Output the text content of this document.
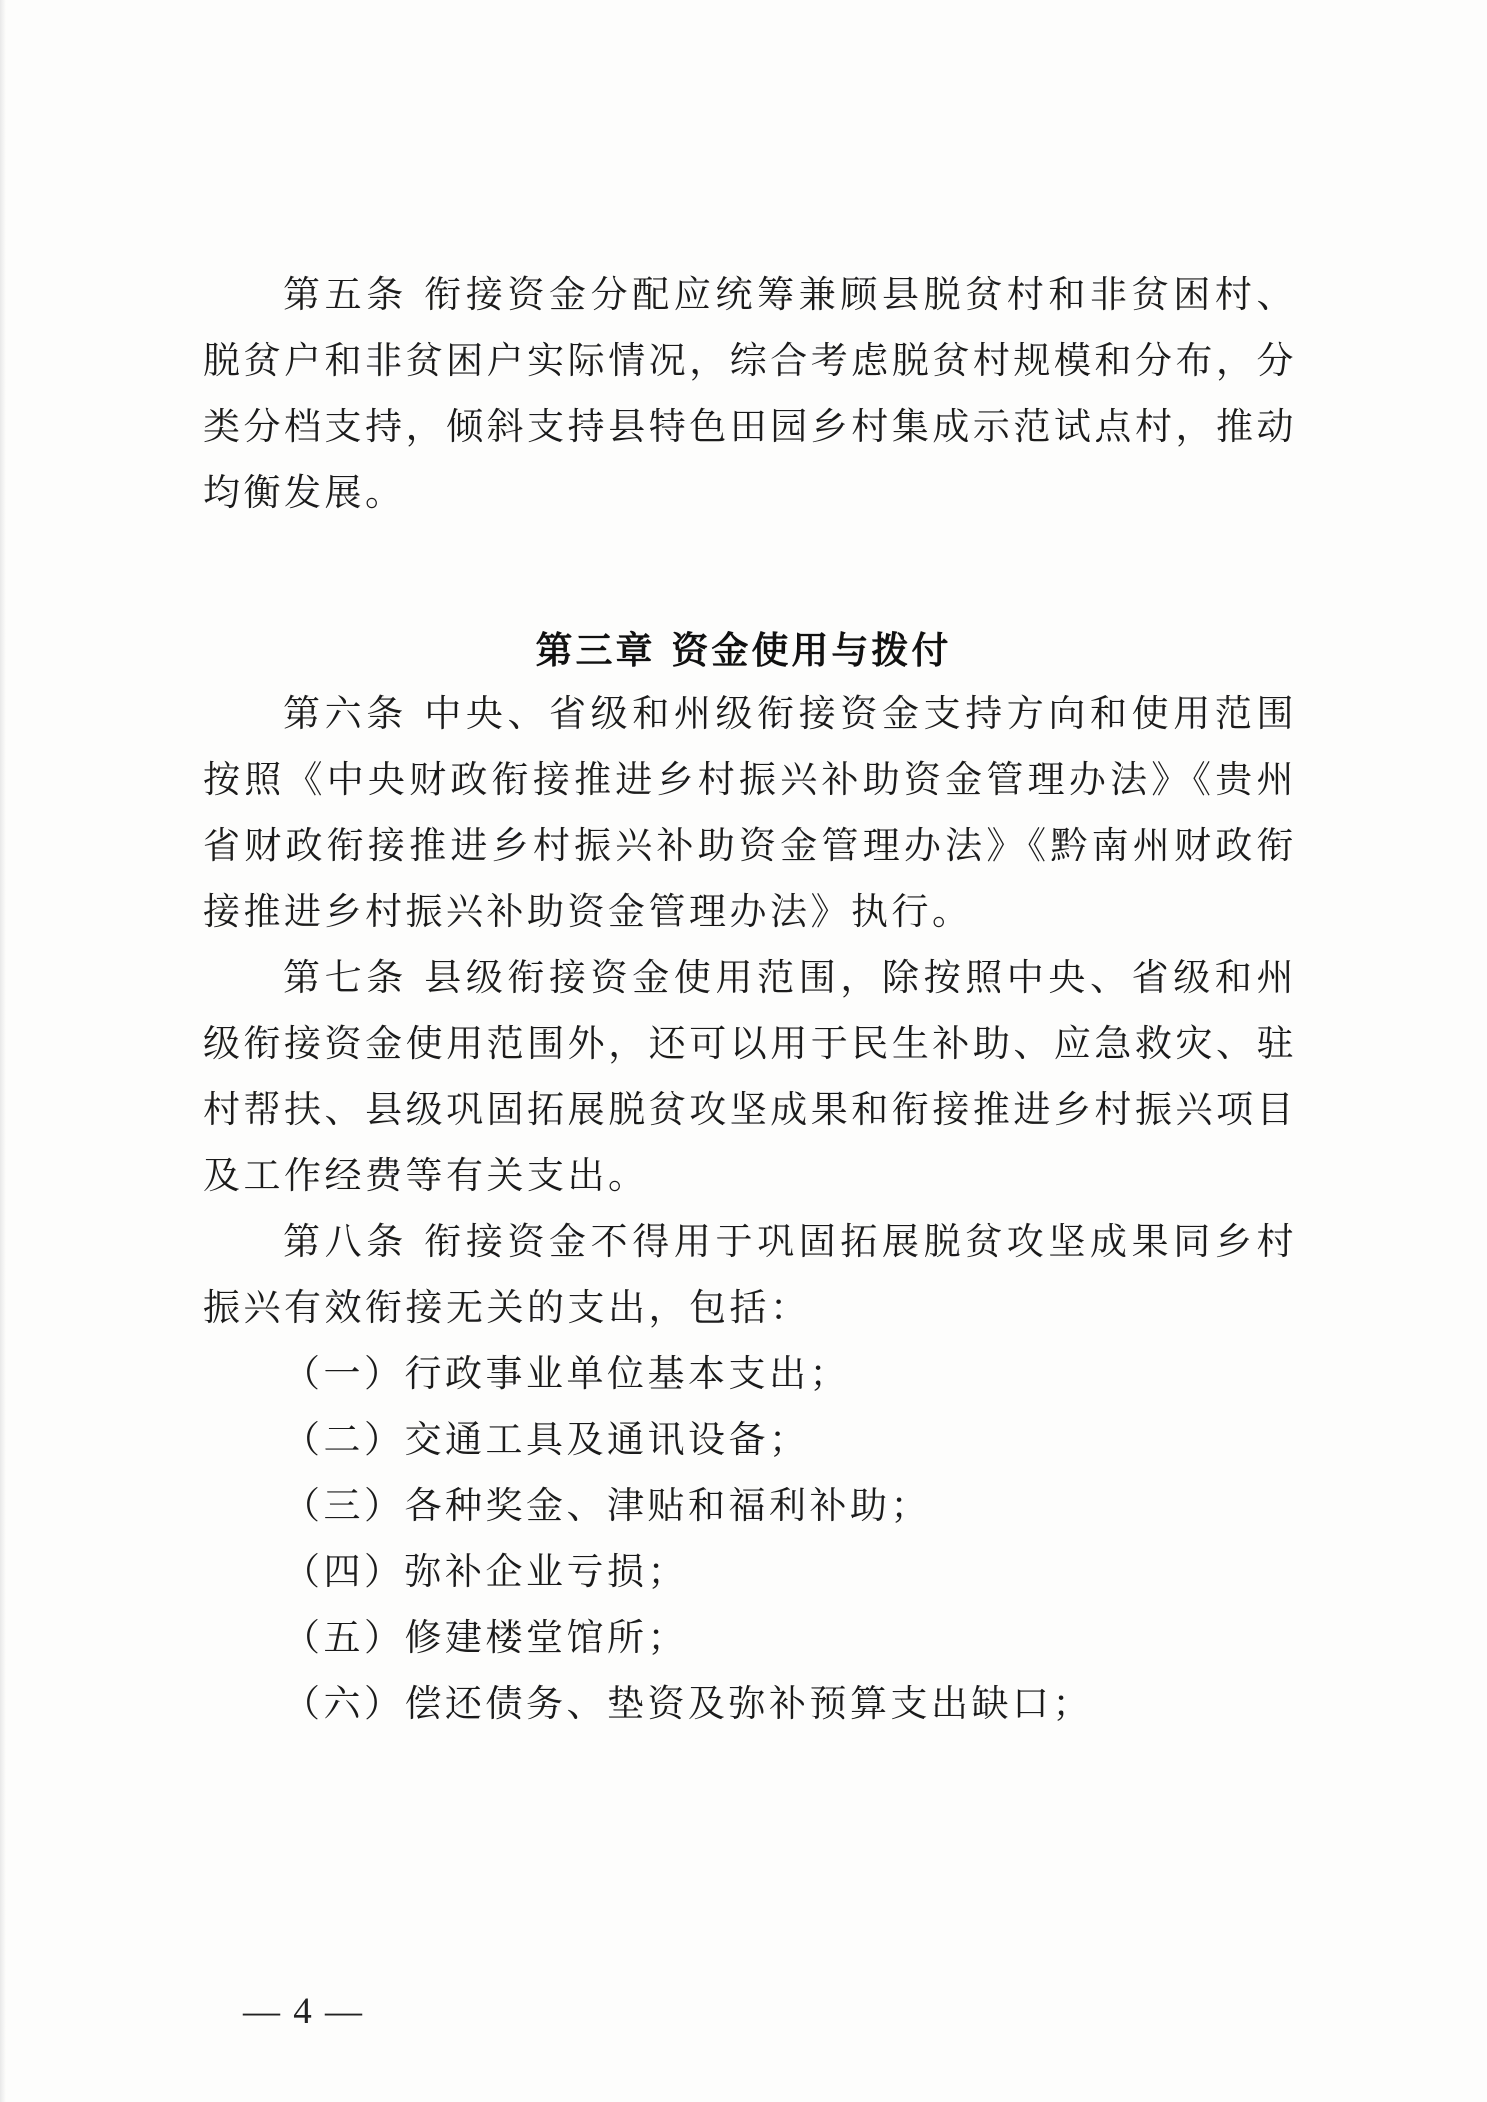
第五条 衔接资金分配应统筹兼顾县脱贫村和非贫困村、脱贫户和非贫困户实际情况，综合考虑脱贫村规模和分布，分类分档支持，倾斜支持县特色田园乡村集成示范试点村，推动均衡发展。

第三章 资金使用与拨付

第六条 中央、省级和州级衔接资金支持方向和使用范围按照《中央财政衔接推进乡村振兴补助资金管理办法》《贵州省财政衔接推进乡村振兴补助资金管理办法》《黔南州财政衔接推进乡村振兴补助资金管理办法》执行。

第七条 县级衔接资金使用范围，除按照中央、省级和州级衔接资金使用范围外，还可以用于民生补助、应急救灾、驻村帮扶、县级巩固拓展脱贫攻坚成果和衔接推进乡村振兴项目及工作经费等有关支出。

第八条 衔接资金不得用于巩固拓展脱贫攻坚成果同乡村振兴有效衔接无关的支出，包括：

（一）行政事业单位基本支出；

（二）交通工具及通讯设备；

（三）各种奖金、津贴和福利补助；

（四）弥补企业亏损；

（五）修建楼堂馆所；

（六）偿还债务、垫资及弥补预算支出缺口；

— 4 —
